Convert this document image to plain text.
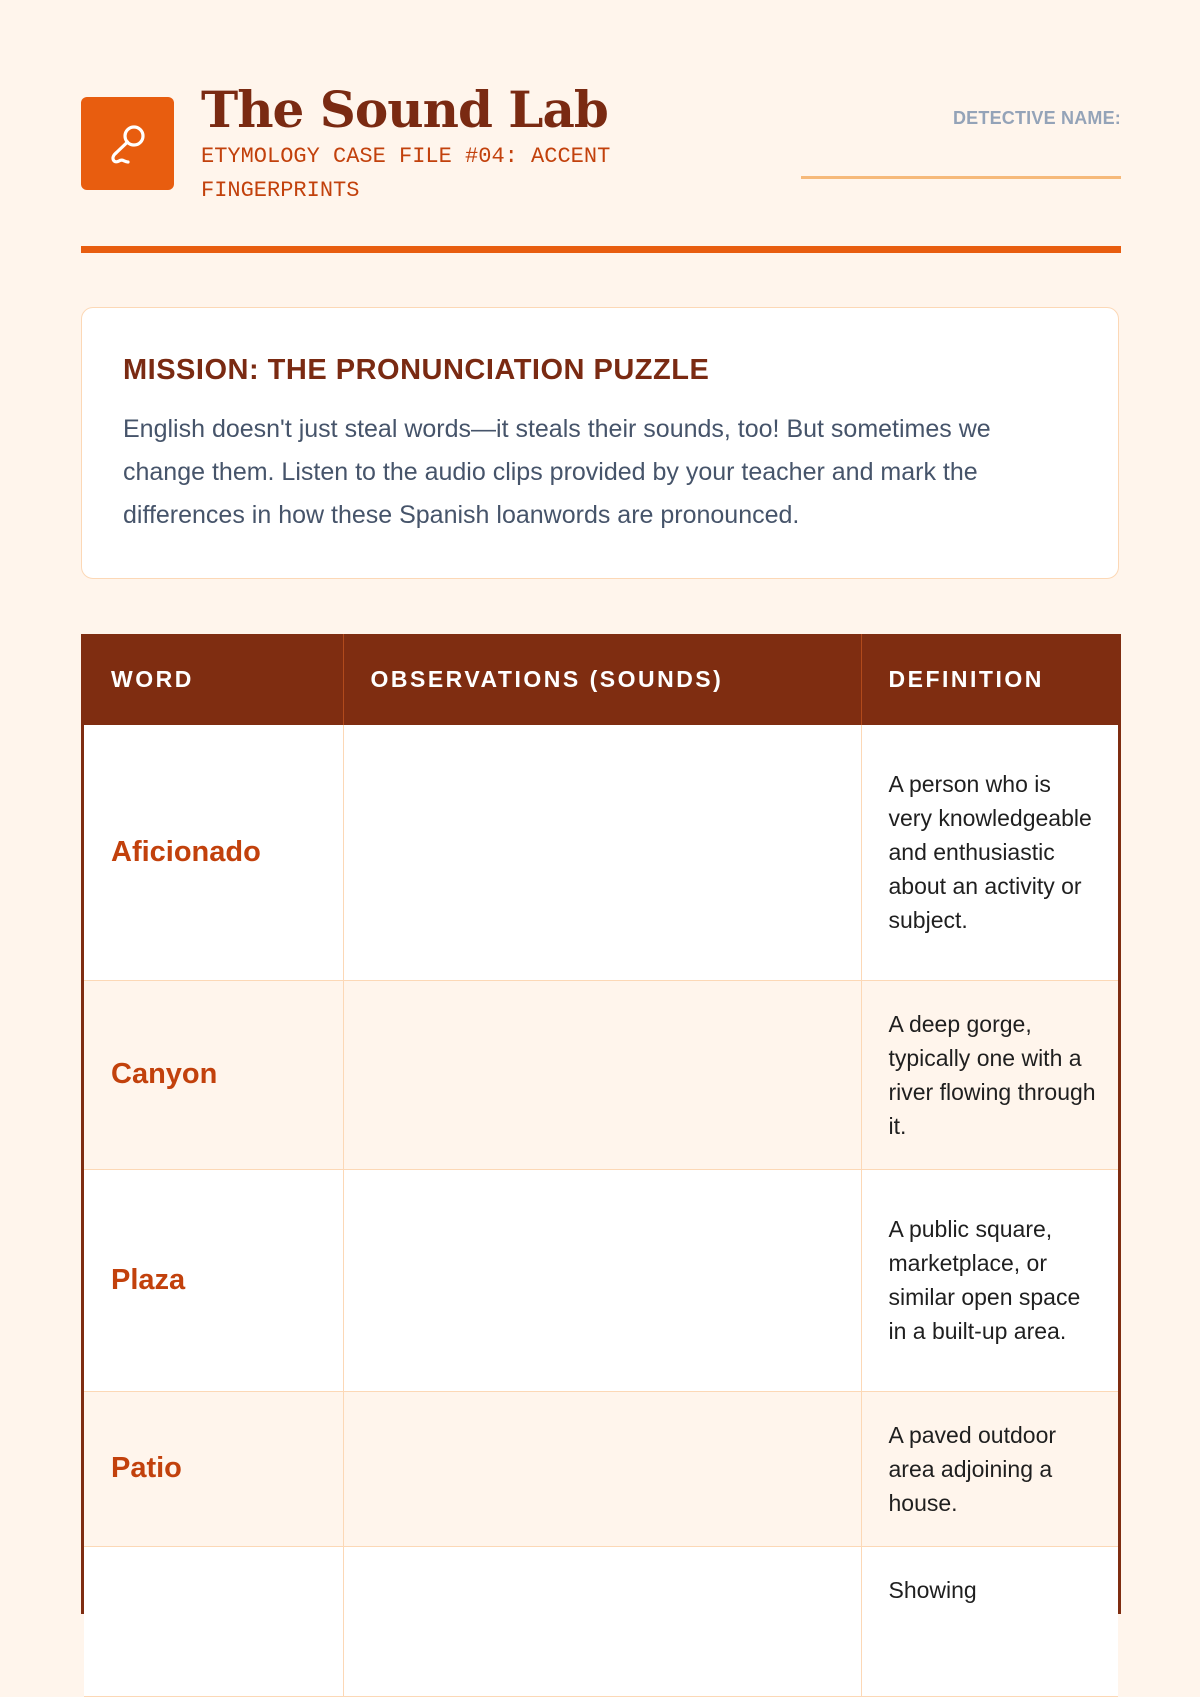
The Sound Lab
ETYMOLOGY CASE FILE #04: ACCENT FINGERPRINTS
DETECTIVE NAME:
MISSION: THE PRONUNCIATION PUZZLE
English doesn't just steal words—it steals their sounds, too! But sometimes we change them. Listen to the audio clips provided by your teacher and mark the differences in how these Spanish loanwords are pronounced.
WORD	OBSERVATIONS (SOUNDS)	DEFINITION
Aficionado		A person who is very knowledgeable and enthusiastic about an activity or subject.
Canyon		A deep gorge, typically one with a river flowing through it.
Plaza		A public square, marketplace, or similar open space in a built-up area.
Patio		A paved outdoor area adjoining a house.
		Showing
